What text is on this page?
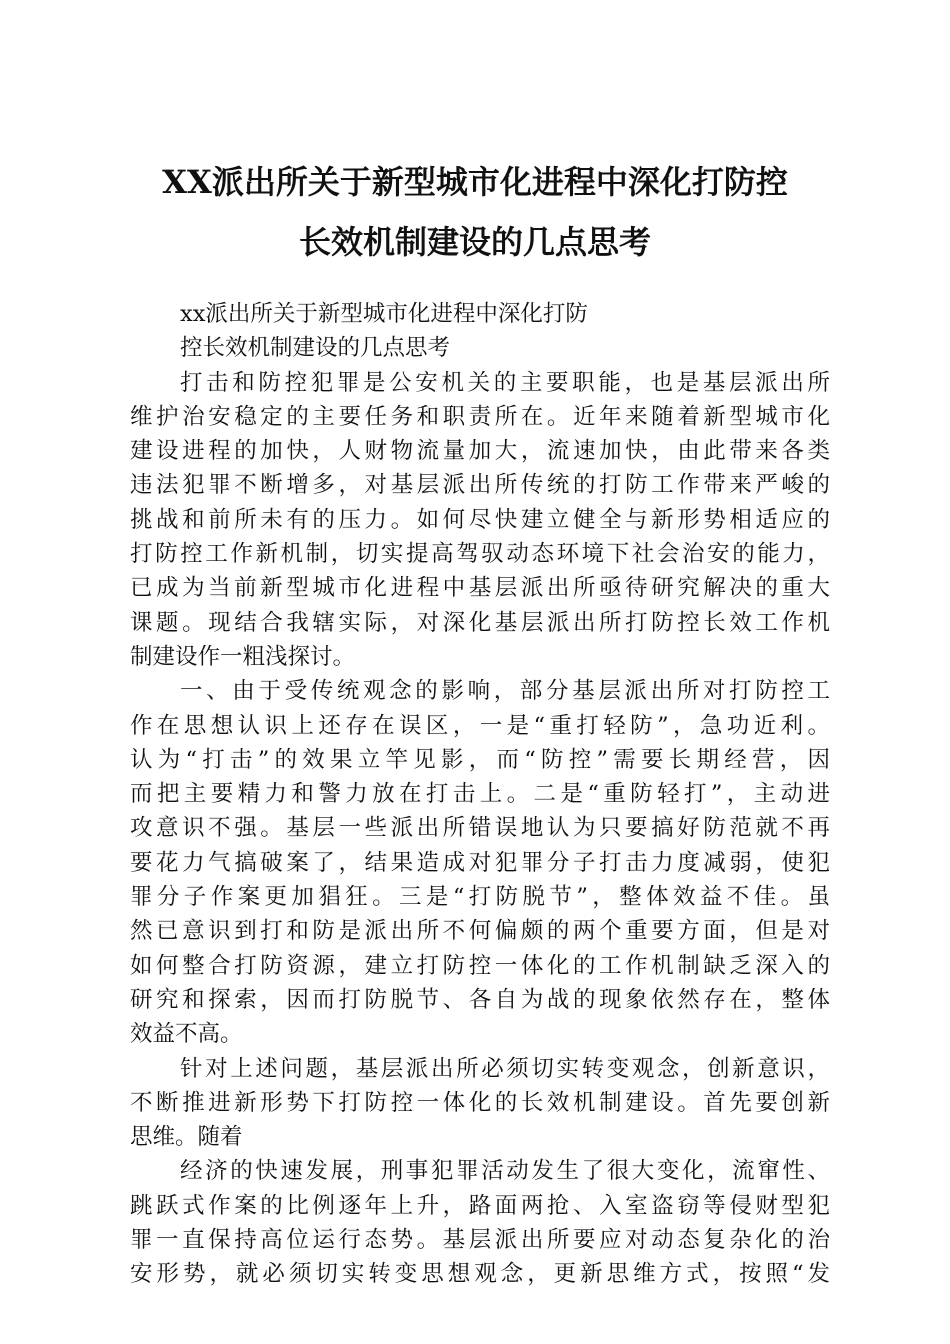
XX派出所关于新型城市化进程中深化打防控
长效机制建设的几点思考
xx派出所关于新型城市化进程中深化打防
控长效机制建设的几点思考
打击和防控犯罪是公安机关的主要职能，也是基层派出所
维护治安稳定的主要任务和职责所在。近年来随着新型城市化
建设进程的加快，人财物流量加大，流速加快，由此带来各类
违法犯罪不断增多，对基层派出所传统的打防工作带来严峻的
挑战和前所未有的压力。如何尽快建立健全与新形势相适应的
打防控工作新机制，切实提高驾驭动态环境下社会治安的能力，
已成为当前新型城市化进程中基层派出所亟待研究解决的重大
课题。现结合我辖实际，对深化基层派出所打防控长效工作机
制建设作一粗浅探讨。
一、由于受传统观念的影响，部分基层派出所对打防控工
作在思想认识上还存在误区，一是“重打轻防”，急功近利。
认为“打击”的效果立竿见影，而“防控”需要长期经营，因
而把主要精力和警力放在打击上。二是“重防轻打”，主动进
攻意识不强。基层一些派出所错误地认为只要搞好防范就不再
要花力气搞破案了，结果造成对犯罪分子打击力度减弱，使犯
罪分子作案更加猖狂。三是“打防脱节”，整体效益不佳。虽
然已意识到打和防是派出所不何偏颇的两个重要方面，但是对
如何整合打防资源，建立打防控一体化的工作机制缺乏深入的
研究和探索，因而打防脱节、各自为战的现象依然存在，整体
效益不高。
针对上述问题，基层派出所必须切实转变观念，创新意识，
不断推进新形势下打防控一体化的长效机制建设。首先要创新
思维。随着
经济的快速发展，刑事犯罪活动发生了很大变化，流窜性、
跳跃式作案的比例逐年上升，路面两抢、入室盗窃等侵财型犯
罪一直保持高位运行态势。基层派出所要应对动态复杂化的治
安形势，就必须切实转变思想观念，更新思维方式，按照“发
